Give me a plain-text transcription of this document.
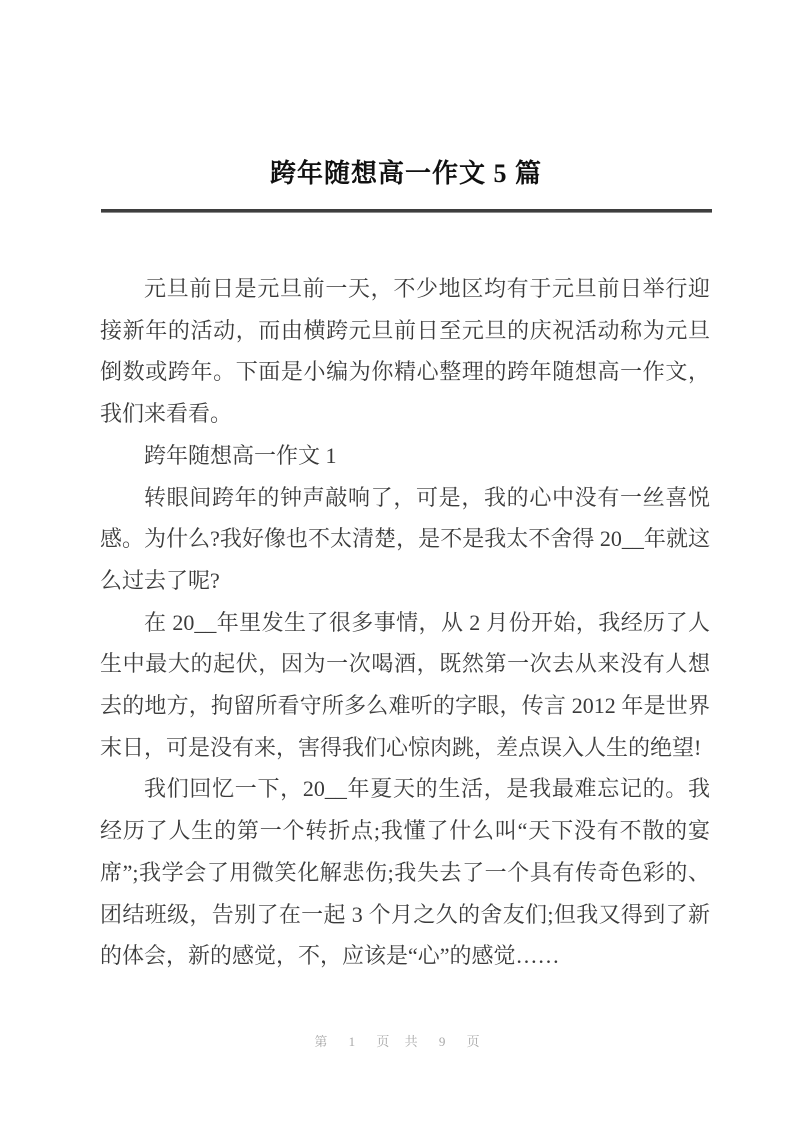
跨年随想高一作文 5 篇

元旦前日是元旦前一天，不少地区均有于元旦前日举行迎接新年的活动，而由横跨元旦前日至元旦的庆祝活动称为元旦倒数或跨年。下面是小编为你精心整理的跨年随想高一作文，我们来看看。

跨年随想高一作文 1

转眼间跨年的钟声敲响了，可是，我的心中没有一丝喜悦感。为什么?我好像也不太清楚，是不是我太不舍得 20__年就这么过去了呢?

在 20__年里发生了很多事情，从 2 月份开始，我经历了人生中最大的起伏，因为一次喝酒，既然第一次去从来没有人想去的地方，拘留所看守所多么难听的字眼，传言 2012 年是世界末日，可是没有来，害得我们心惊肉跳，差点误入人生的绝望!

我们回忆一下，20__年夏天的生活，是我最难忘记的。我经历了人生的第一个转折点;我懂了什么叫“天下没有不散的宴席”;我学会了用微笑化解悲伤;我失去了一个具有传奇色彩的、团结班级，告别了在一起 3 个月之久的舍友们;但我又得到了新的体会，新的感觉，不，应该是“心”的感觉……

第 1 页 共 9 页
